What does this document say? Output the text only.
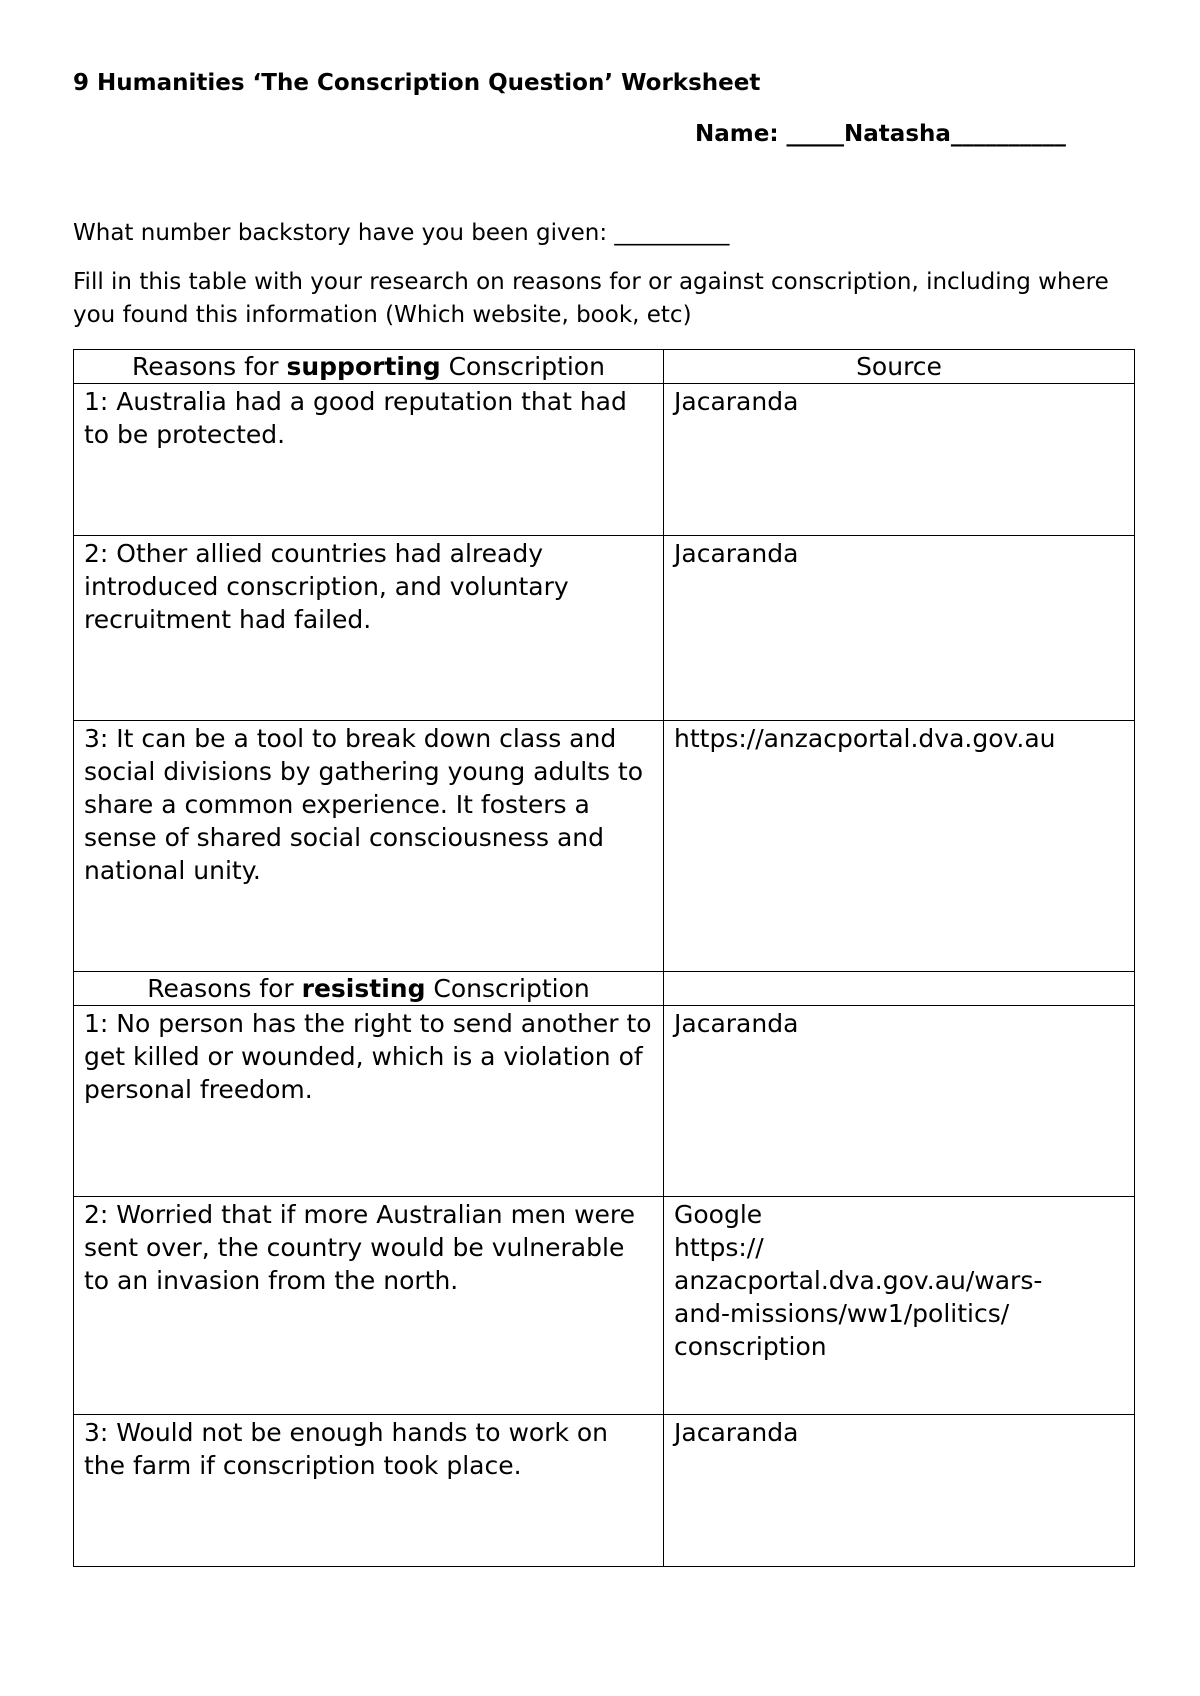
9 Humanities ‘The Conscription Question’ Worksheet
Name: _____Natasha__________
What number backstory have you been given: __________
Fill in this table with your research on reasons for or against conscription, including where you found this information (Which website, book, etc)
Reasons for supporting Conscription	Source
1: Australia had a good reputation that had to be protected.	Jacaranda

2: Other allied countries had already introduced conscription, and voluntary recruitment had failed.	Jacaranda

3: It can be a tool to break down class and social divisions by gathering young adults to share a common experience. It fosters a sense of shared social consciousness and national unity.	https://anzacportal.dva.gov.au

Reasons for resisting Conscription	
1: No person has the right to send another to get killed or wounded, which is a violation of personal freedom.	Jacaranda

2: Worried that if more Australian men were sent over, the country would be vulnerable to an invasion from the north.	Google
https://
anzacportal.dva.gov.au/wars-
and-missions/ww1/politics/
conscription

3: Would not be enough hands to work on the farm if conscription took place.	Jacaranda
